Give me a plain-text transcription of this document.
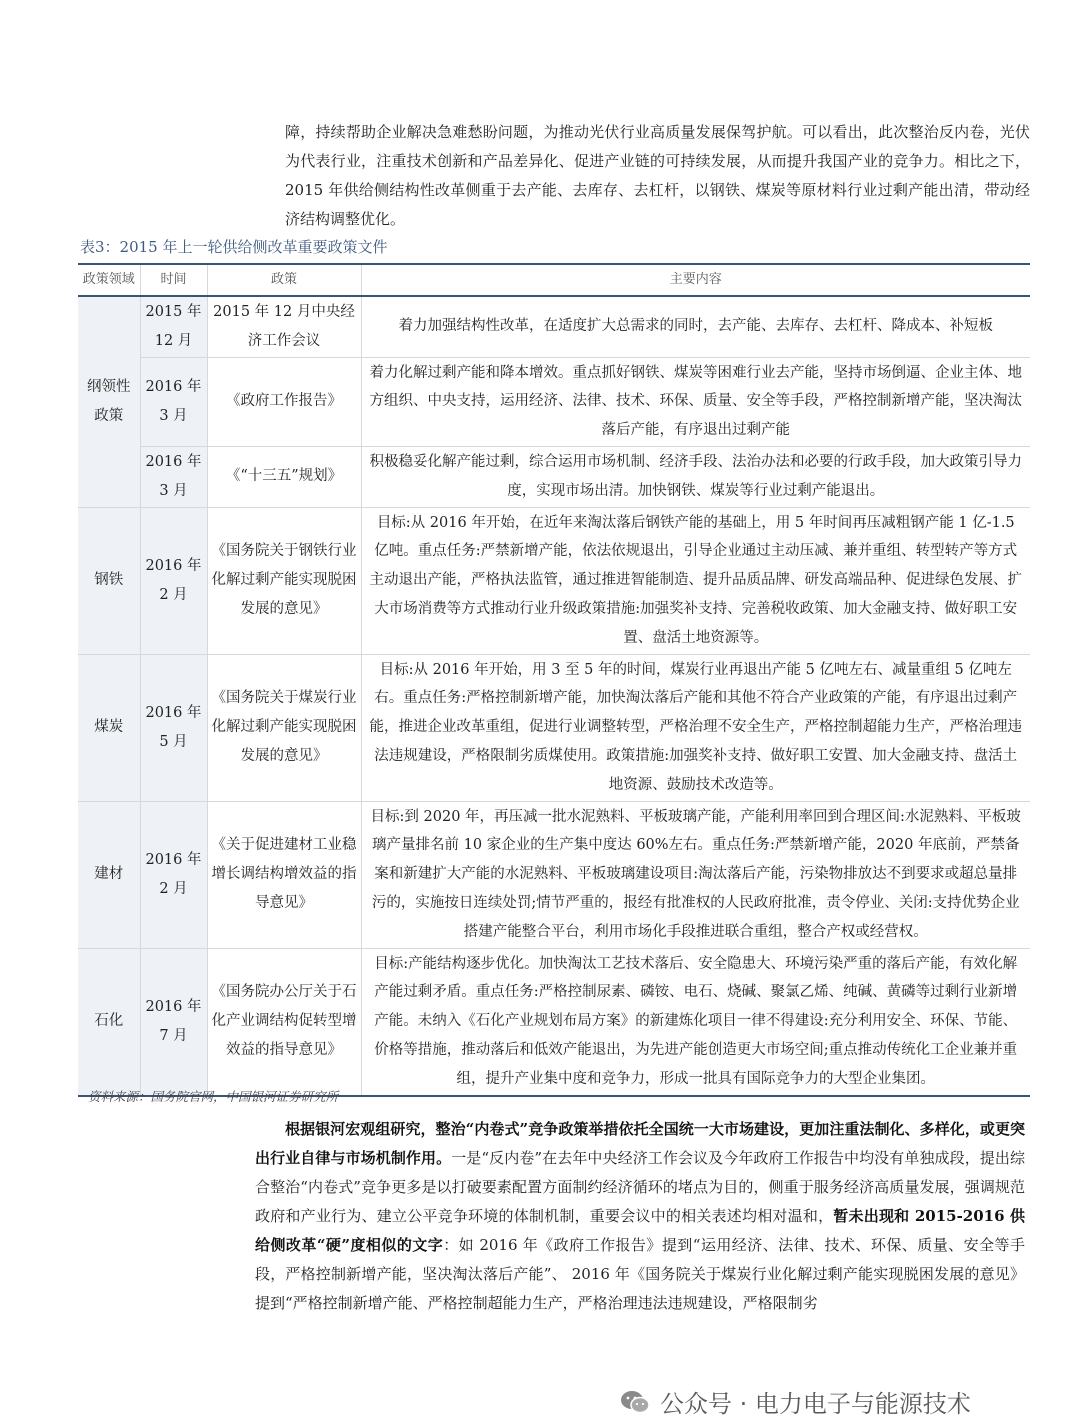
障，持续帮助企业解决急难愁盼问题，为推动光伏行业高质量发展保驾护航。可以看出，此次整治反内卷，光伏为代表行业，注重技术创新和产品差异化、促进产业链的可持续发展，从而提升我国产业的竞争力。相比之下，2015 年供给侧结构性改革侧重于去产能、去库存、去杠杆，以钢铁、煤炭等原材料行业过剩产能出清，带动经济结构调整优化。

表3：2015 年上一轮供给侧改革重要政策文件
政策领域	时间	政策	主要内容
纲领性政策	2015 年 12 月	2015 年 12 月中央经济工作会议	着力加强结构性改革，在适度扩大总需求的同时，去产能、去库存、去杠杆、降成本、补短板
	2016 年 3 月	《政府工作报告》	着力化解过剩产能和降本增效。重点抓好钢铁、煤炭等困难行业去产能，坚持市场倒逼、企业主体、地方组织、中央支持，运用经济、法律、技术、环保、质量、安全等手段，严格控制新增产能，坚决淘汰落后产能，有序退出过剩产能
	2016 年 3 月	《“十三五”规划》	积极稳妥化解产能过剩，综合运用市场机制、经济手段、法治办法和必要的行政手段，加大政策引导力度，实现市场出清。加快钢铁、煤炭等行业过剩产能退出。
钢铁	2016 年 2 月	《国务院关于钢铁行业化解过剩产能实现脱困发展的意见》	目标:从 2016 年开始，在近年来淘汰落后钢铁产能的基础上，用 5 年时间再压减粗钢产能 1 亿-1.5 亿吨。重点任务:严禁新增产能，依法依规退出，引导企业通过主动压减、兼并重组、转型转产等方式主动退出产能，严格执法监管，通过推进智能制造、提升品质品牌、研发高端品种、促进绿色发展、扩大市场消费等方式推动行业升级政策措施:加强奖补支持、完善税收政策、加大金融支持、做好职工安置、盘活土地资源等。
煤炭	2016 年 5 月	《国务院关于煤炭行业化解过剩产能实现脱困发展的意见》	目标:从 2016 年开始，用 3 至 5 年的时间，煤炭行业再退出产能 5 亿吨左右、减量重组 5 亿吨左右。重点任务:严格控制新增产能，加快淘汰落后产能和其他不符合产业政策的产能，有序退出过剩产能，推进企业改革重组，促进行业调整转型，严格治理不安全生产，严格控制超能力生产，严格治理违法违规建设，严格限制劣质煤使用。政策措施:加强奖补支持、做好职工安置、加大金融支持、盘活土地资源、鼓励技术改造等。
建材	2016 年 2 月	《关于促进建材工业稳增长调结构增效益的指导意见》	目标:到 2020 年，再压减一批水泥熟料、平板玻璃产能，产能利用率回到合理区间:水泥熟料、平板玻璃产量排名前 10 家企业的生产集中度达 60%左右。重点任务:严禁新增产能，2020 年底前，严禁备案和新建扩大产能的水泥熟料、平板玻璃建设项目:淘汰落后产能，污染物排放达不到要求或超总量排污的，实施按日连续处罚;情节严重的，报经有批准权的人民政府批准，责令停业、关闭:支持优势企业搭建产能整合平台，利用市场化手段推进联合重组，整合产权或经营权。
石化	2016 年 7 月	《国务院办公厅关于石化产业调结构促转型增效益的指导意见》	目标:产能结构逐步优化。加快淘汰工艺技术落后、安全隐患大、环境污染严重的落后产能，有效化解产能过剩矛盾。重点任务:严格控制尿素、磷铵、电石、烧碱、聚氯乙烯、纯碱、黄磷等过剩行业新增产能。未纳入《石化产业规划布局方案》的新建炼化项目一律不得建设:充分利用安全、环保、节能、价格等措施，推动落后和低效产能退出，为先进产能创造更大市场空间;重点推动传统化工企业兼并重组，提升产业集中度和竞争力，形成一批具有国际竞争力的大型企业集团。
资料来源：国务院官网，中国银河证券研究所

根据银河宏观组研究，整治“内卷式”竞争政策举措依托全国统一大市场建设，更加注重法制化、多样化，或更突出行业自律与市场机制作用。一是“反内卷”在去年中央经济工作会议及今年政府工作报告中均没有单独成段，提出综合整治“内卷式”竞争更多是以打破要素配置方面制约经济循环的堵点为目的，侧重于服务经济高质量发展，强调规范政府和产业行为、建立公平竞争环境的体制机制，重要会议中的相关表述均相对温和，暂未出现和 2015-2016 供给侧改革“硬”度相似的文字：如 2016 年《政府工作报告》提到“运用经济、法律、技术、环保、质量、安全等手段，严格控制新增产能，坚决淘汰落后产能”、 2016 年《国务院关于煤炭行业化解过剩产能实现脱困发展的意见》提到“严格控制新增产能、严格控制超能力生产，严格治理违法违规建设，严格限制劣

公众号 · 电力电子与能源技术
